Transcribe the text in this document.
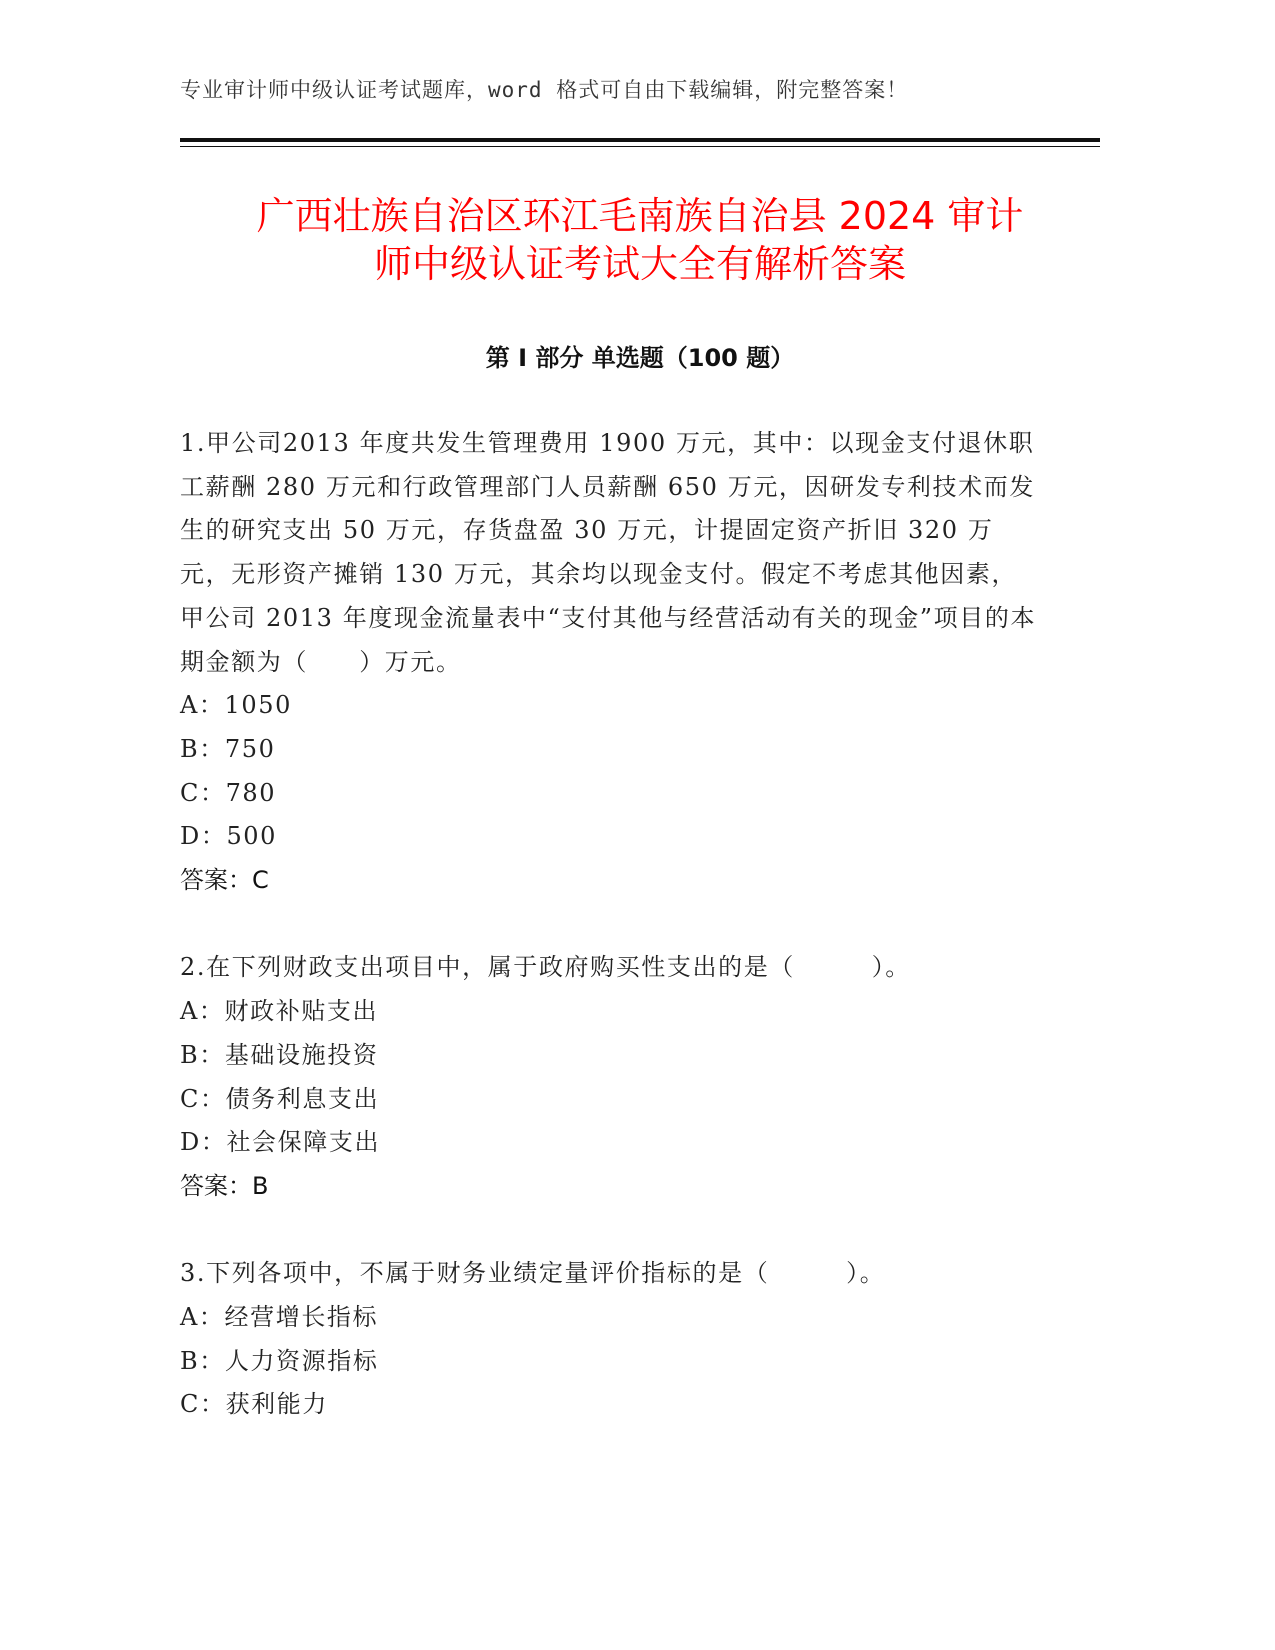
专业审计师中级认证考试题库，word 格式可自由下载编辑，附完整答案！
广西壮族自治区环江毛南族自治县 2024 审计
师中级认证考试大全有解析答案
第 I 部分 单选题（100 题）

1.甲公司2013 年度共发生管理费用 1900 万元，其中：以现金支付退休职工薪酬 280 万元和行政管理部门人员薪酬 650 万元，因研发专利技术而发生的研究支出 50 万元，存货盘盈 30 万元，计提固定资产折旧 320 万元，无形资产摊销 130 万元，其余均以现金支付。假定不考虑其他因素，甲公司 2013 年度现金流量表中“支付其他与经营活动有关的现金”项目的本期金额为（　　）万元。

A：1050

B：750

C：780

D：500

答案：C

2.在下列财政支出项目中，属于政府购买性支出的是（　　　）。

A：财政补贴支出

B：基础设施投资

C：债务利息支出

D：社会保障支出

答案：B

3.下列各项中，不属于财务业绩定量评价指标的是（　　　）。

A：经营增长指标

B：人力资源指标

C：获利能力
